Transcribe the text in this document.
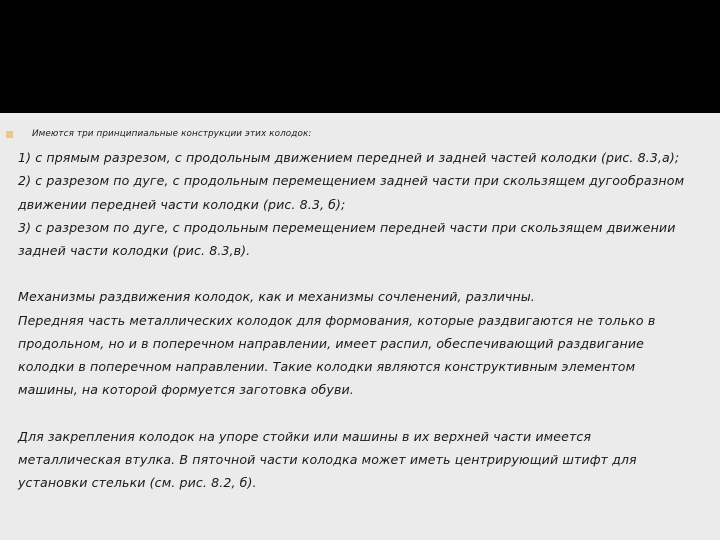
Имеются три принципиальные конструкции этих колодок:
1) с прямым разрезом, с продольным движением передней и задней частей колодки (рис. 8.3,а);
2) с разрезом по дуге, с продольным перемещением задней части при скользящем дугообразном
движении передней части колодки (рис. 8.3, б);
3) с разрезом по дуге, с продольным перемещением передней части при скользящем движении
задней части колодки (рис. 8.3,в).
Механизмы раздвижения колодок, как и механизмы сочленений, различны.
Передняя часть металлических колодок для формования, которые раздвигаются не только в
продольном, но и в поперечном направлении, имеет распил, обеспечивающий раздвигание
колодки в поперечном направлении. Такие колодки являются конструктивным элементом
машины, на которой формуется заготовка обуви.
Для закрепления колодок на упоре стойки или машины в их верхней части имеется
металлическая втулка. В пяточной части колодка может иметь центрирующий штифт для
установки стельки (см. рис. 8.2, б).
